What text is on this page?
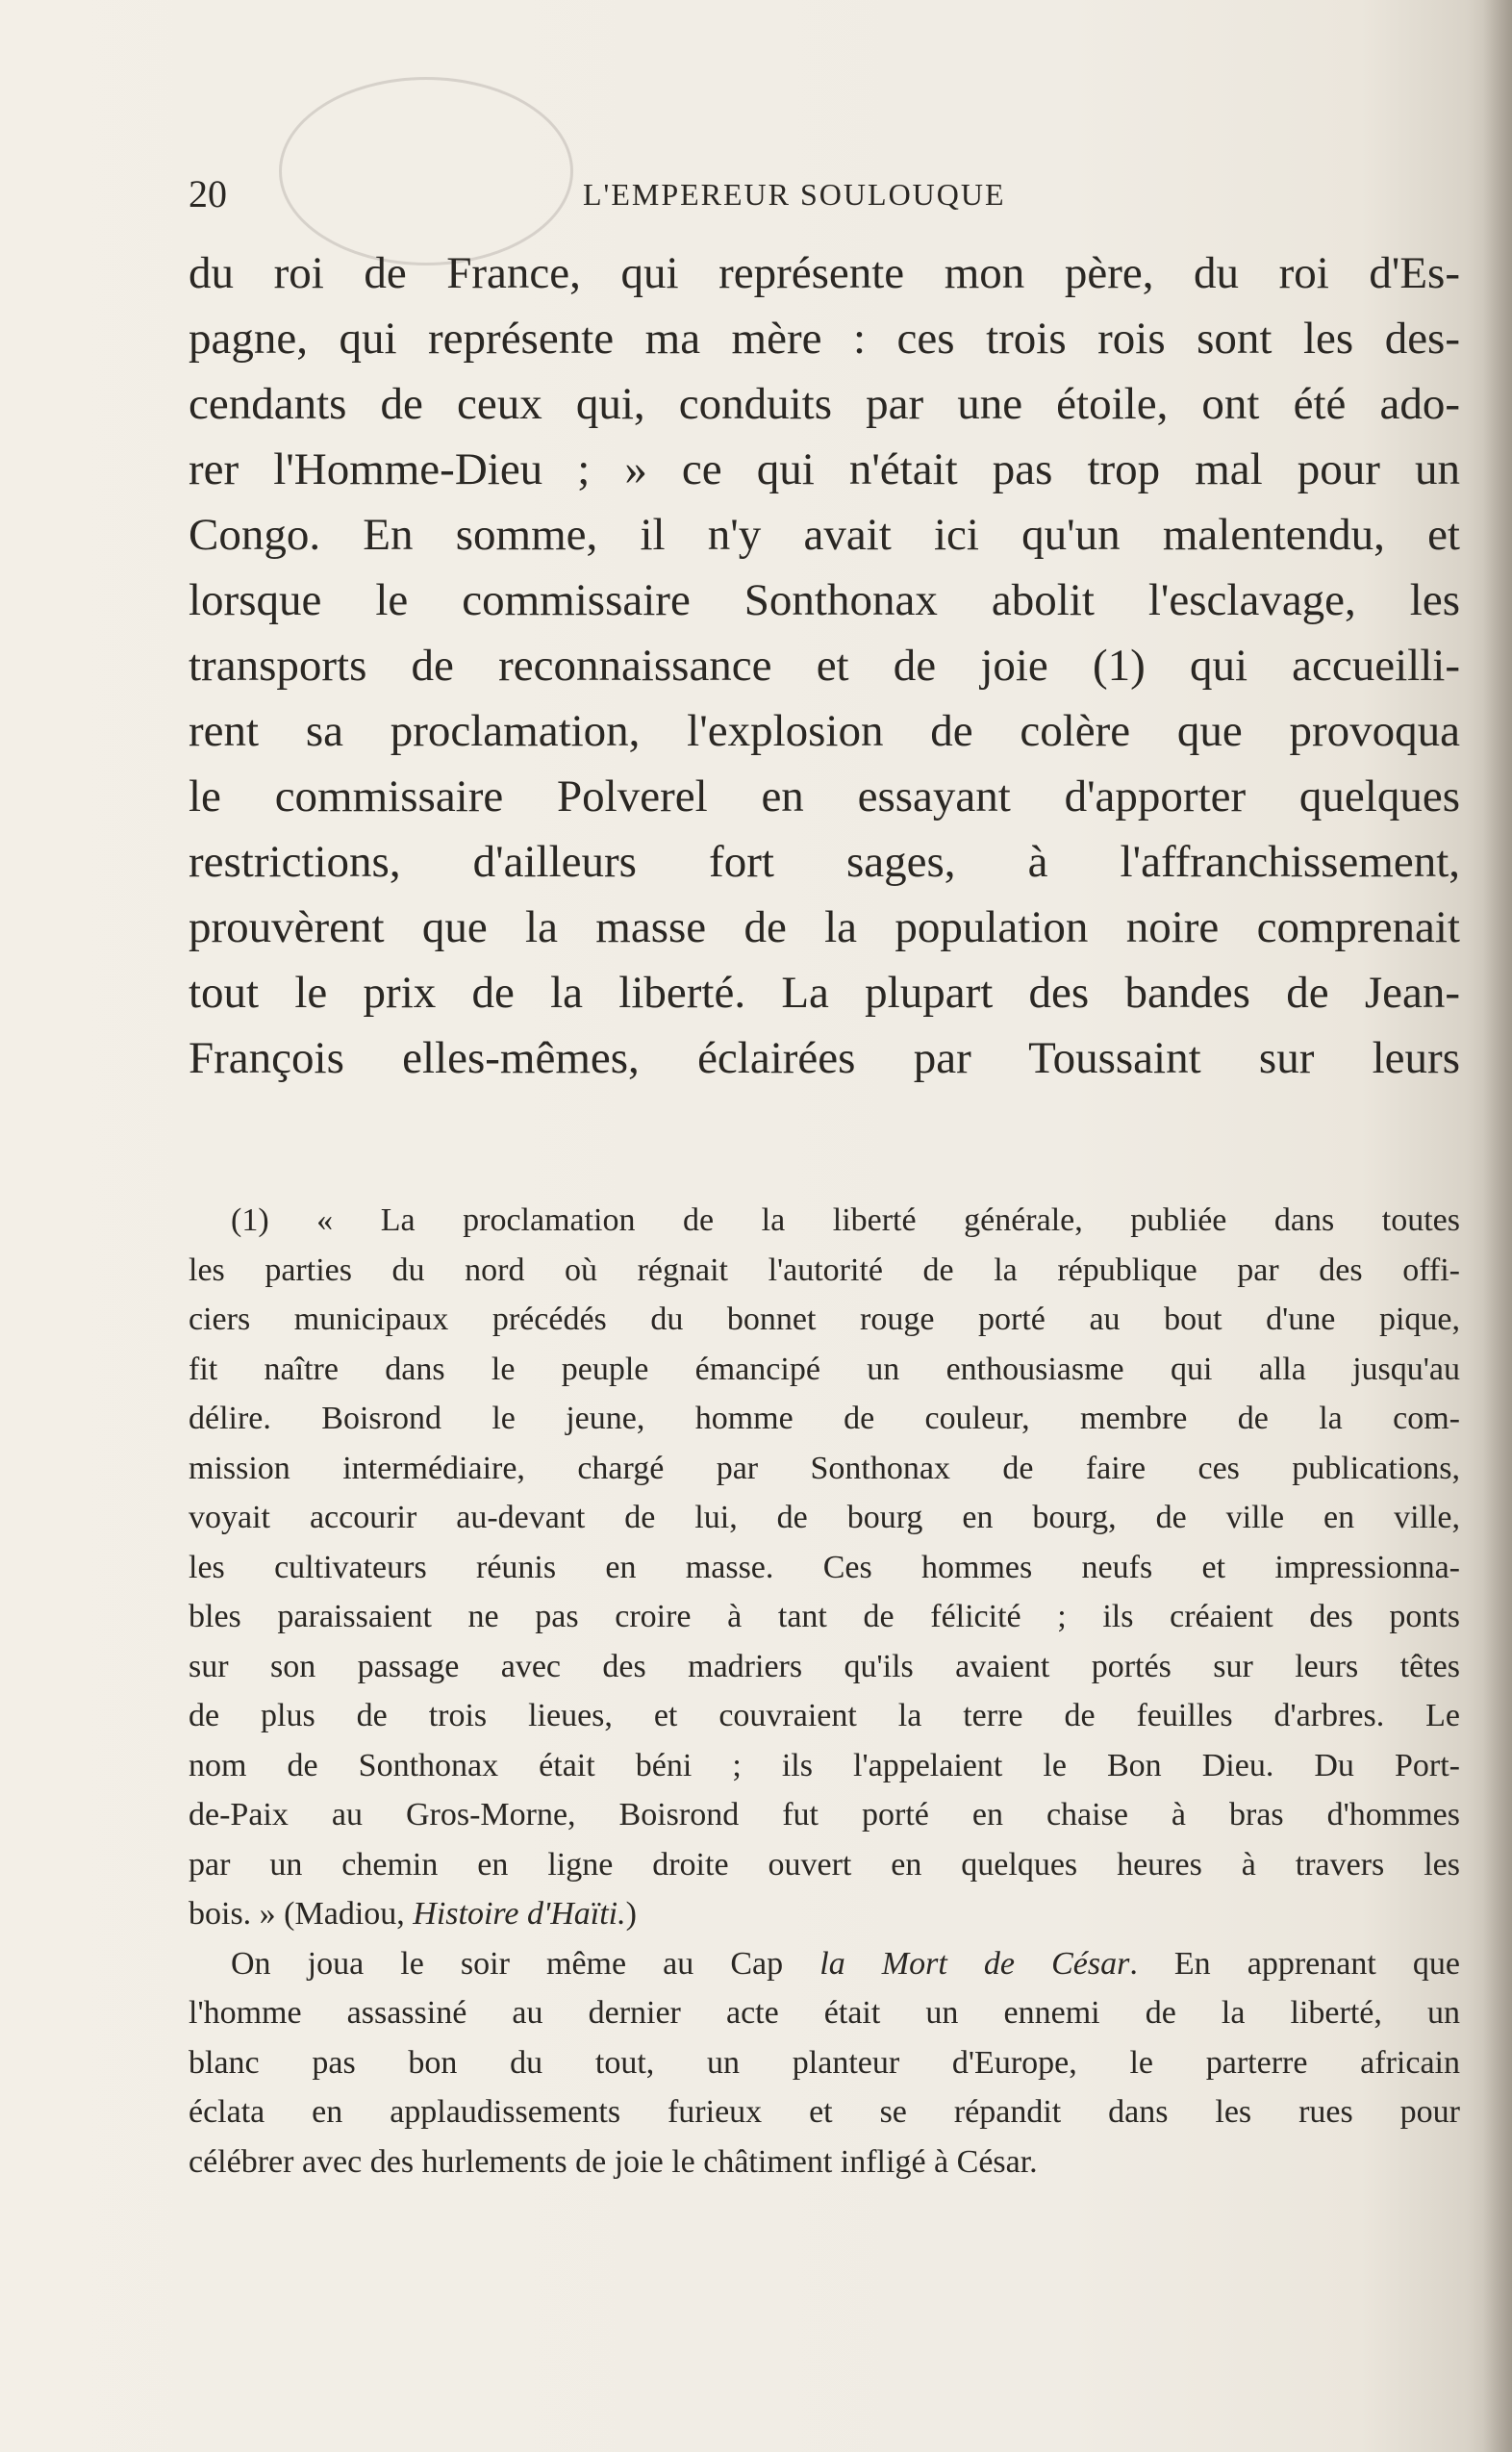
20	L'EMPEREUR SOULOUQUE
du roi de France, qui représente mon père, du roi d'Es-
pagne, qui représente ma mère : ces trois rois sont les des-
cendants de ceux qui, conduits par une étoile, ont été ado-
rer l'Homme-Dieu ; » ce qui n'était pas trop mal pour un
Congo. En somme, il n'y avait ici qu'un malentendu, et
lorsque le commissaire Sonthonax abolit l'esclavage, les
transports de reconnaissance et de joie (1) qui accueilli-
rent sa proclamation, l'explosion de colère que provoqua
le commissaire Polverel en essayant d'apporter quelques
restrictions, d'ailleurs fort sages, à l'affranchissement,
prouvèrent que la masse de la population noire comprenait
tout le prix de la liberté. La plupart des bandes de Jean-
François elles-mêmes, éclairées par Toussaint sur leurs
(1) « La proclamation de la liberté générale, publiée dans toutes
les parties du nord où régnait l'autorité de la république par des offi-
ciers municipaux précédés du bonnet rouge porté au bout d'une pique,
fit naître dans le peuple émancipé un enthousiasme qui alla jusqu'au
délire. Boisrond le jeune, homme de couleur, membre de la com-
mission intermédiaire, chargé par Sonthonax de faire ces publications,
voyait accourir au-devant de lui, de bourg en bourg, de ville en ville,
les cultivateurs réunis en masse. Ces hommes neufs et impressionna-
bles paraissaient ne pas croire à tant de félicité ; ils créaient des ponts
sur son passage avec des madriers qu'ils avaient portés sur leurs têtes
de plus de trois lieues, et couvraient la terre de feuilles d'arbres. Le
nom de Sonthonax était béni ; ils l'appelaient le Bon Dieu. Du Port-
de-Paix au Gros-Morne, Boisrond fut porté en chaise à bras d'hommes
par un chemin en ligne droite ouvert en quelques heures à travers les
bois. » (Madiou, Histoire d'Haïti.)
On joua le soir même au Cap la Mort de César. En apprenant que
l'homme assassiné au dernier acte était un ennemi de la liberté, un
blanc pas bon du tout, un planteur d'Europe, le parterre africain
éclata en applaudissements furieux et se répandit dans les rues pour
célébrer avec des hurlements de joie le châtiment infligé à César.
